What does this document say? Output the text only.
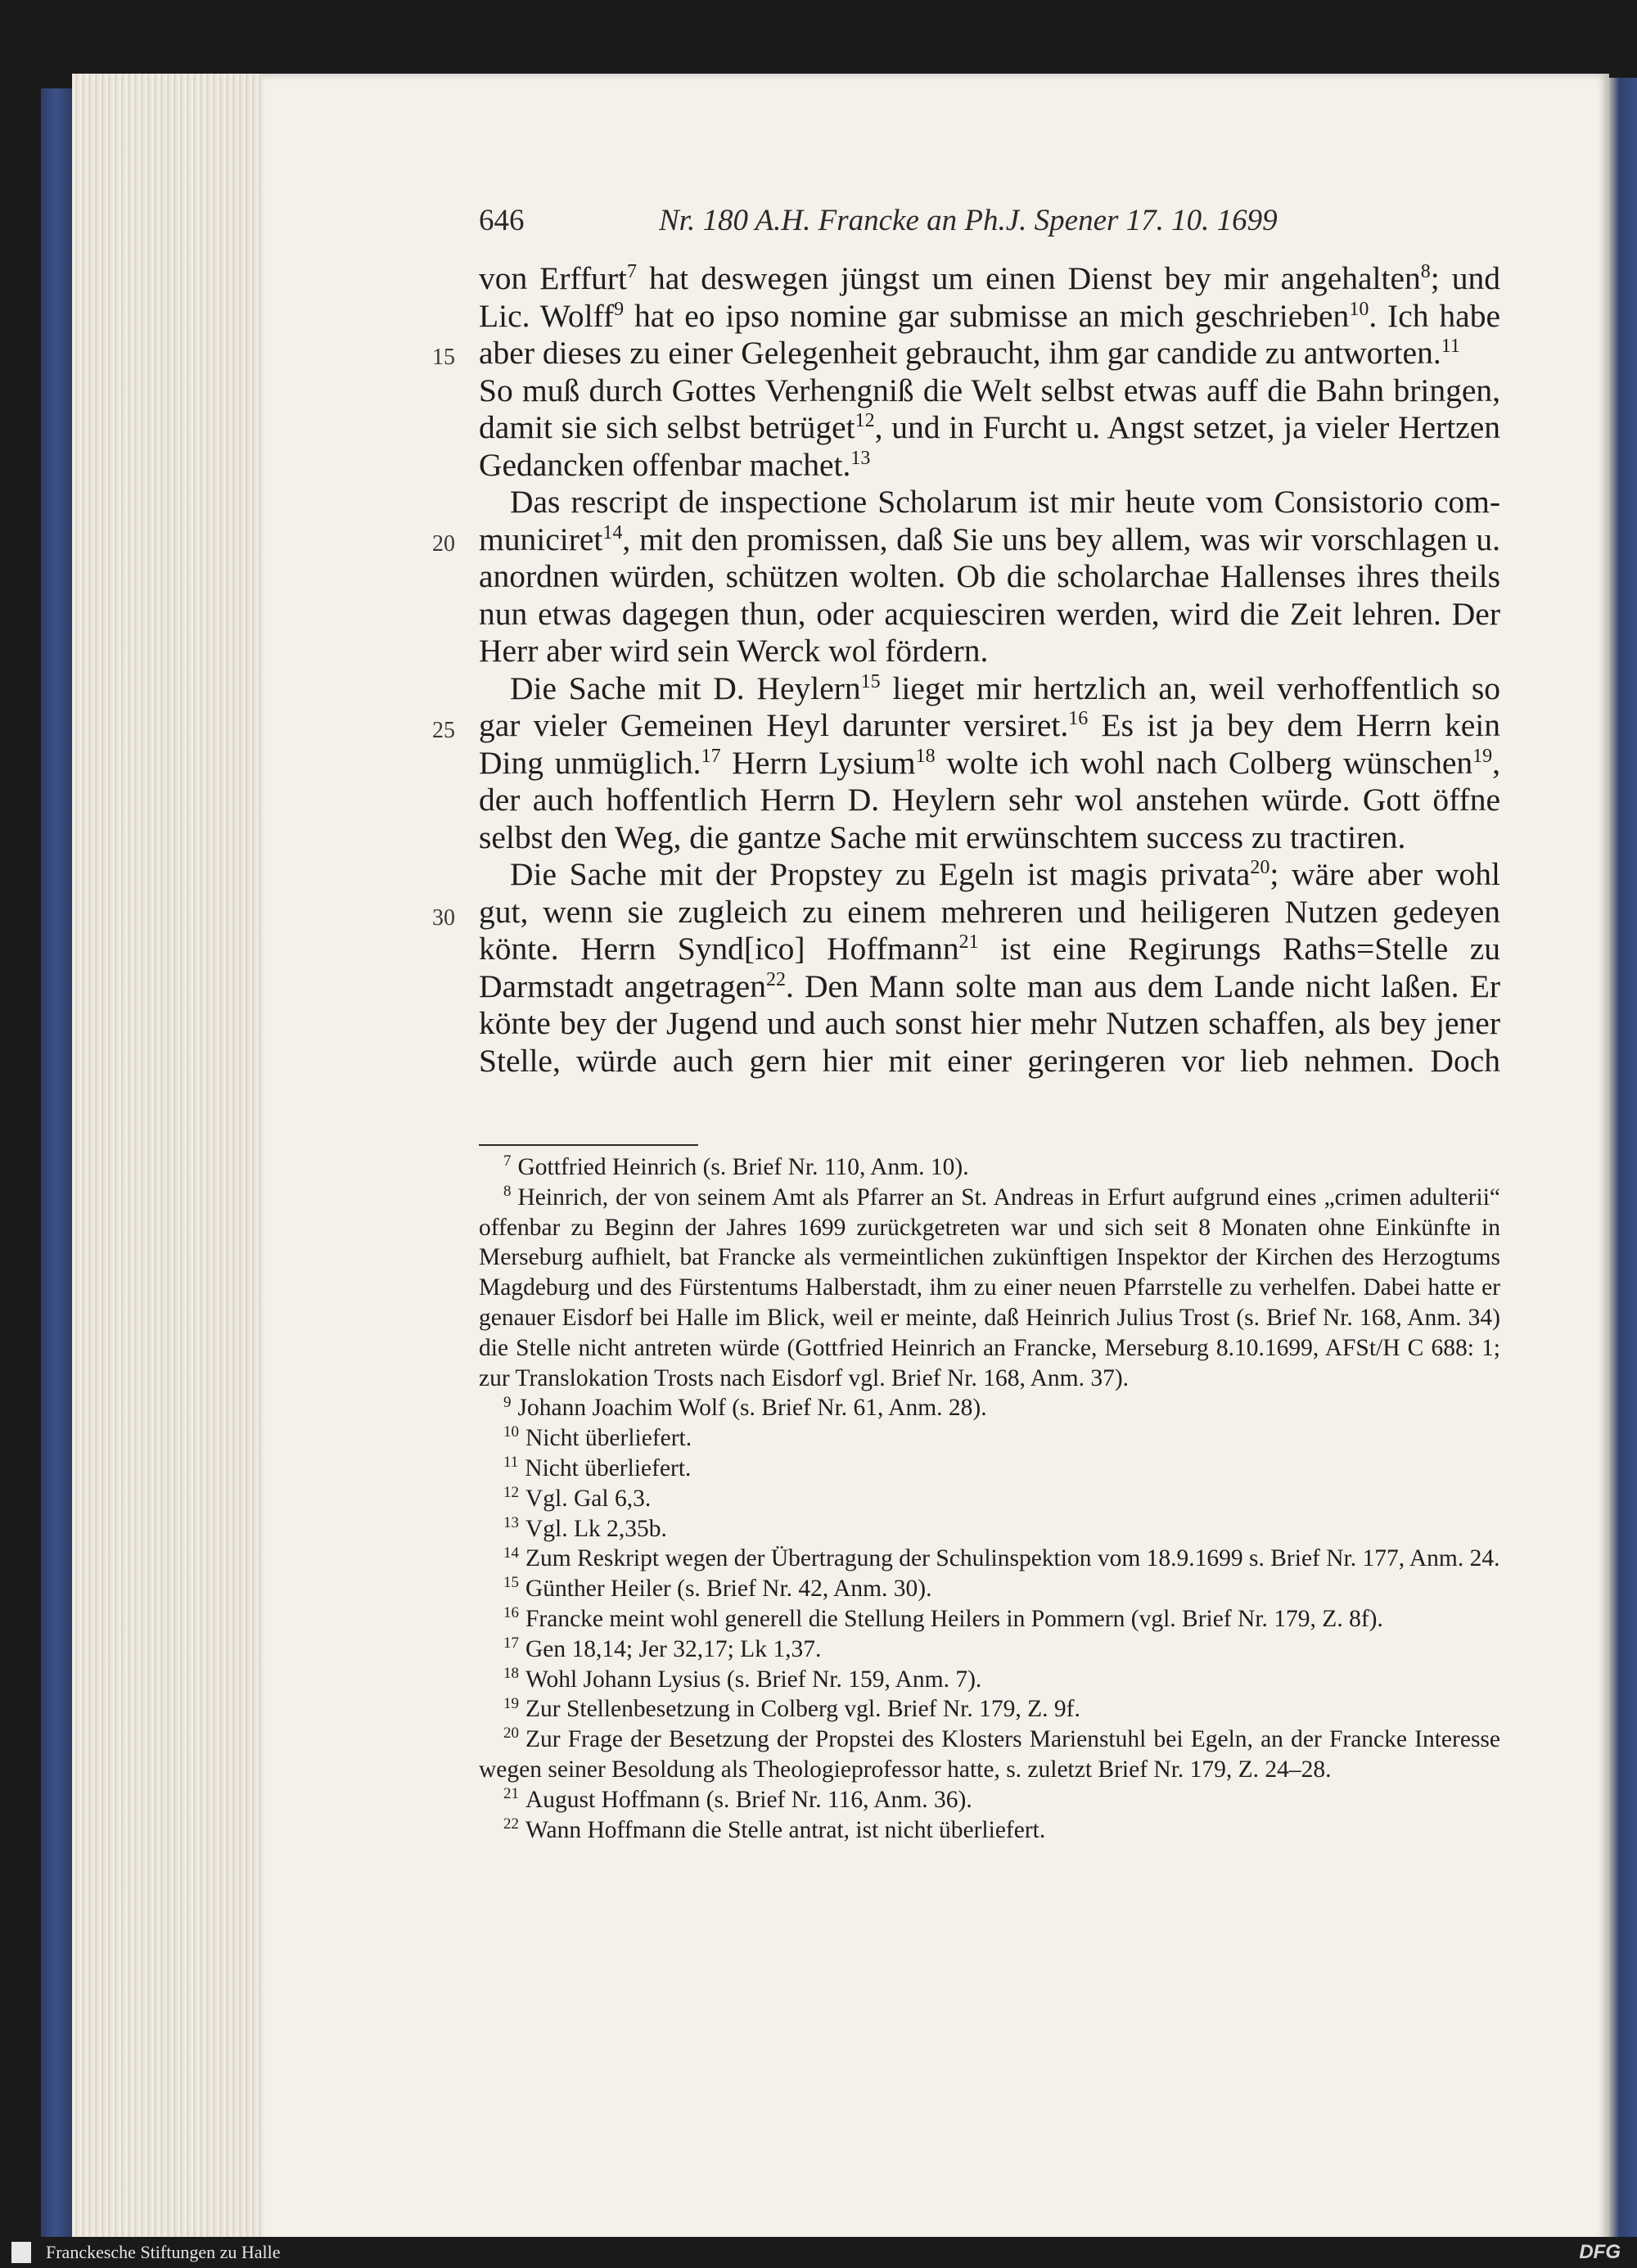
646	Nr. 180 A.H. Francke an Ph.J. Spener 17. 10. 1699
15
20
25
30
von Erffurt$^7$ hat deswegen jüngst um einen Dienst bey mir angehalten$^8$; und
Lic. Wolff$^9$ hat eo ipso nomine gar submisse an mich geschrieben$^{10}$. Ich habe
aber dieses zu einer Gelegenheit gebraucht, ihm gar candide zu antworten.$^{11}$
So muß durch Gottes Verhengniß die Welt selbst etwas auff die Bahn bringen,
damit sie sich selbst betrüget$^{12}$, und in Furcht u. Angst setzet, ja vieler Hertzen
Gedancken offenbar machet.$^{13}$
Das rescript de inspectione Scholarum ist mir heute vom Consistorio com-
municiret$^{14}$, mit den promissen, daß Sie uns bey allem, was wir vorschlagen u.
anordnen würden, schützen wolten. Ob die scholarchae Hallenses ihres theils
nun etwas dagegen thun, oder acquiesciren werden, wird die Zeit lehren. Der
Herr aber wird sein Werck wol fördern.
Die Sache mit D. Heylern$^{15}$ lieget mir hertzlich an, weil verhoffentlich so
gar vieler Gemeinen Heyl darunter versiret.$^{16}$ Es ist ja bey dem Herrn kein
Ding unmüglich.$^{17}$ Herrn Lysium$^{18}$ wolte ich wohl nach Colberg wünschen$^{19}$,
der auch hoffentlich Herrn D. Heylern sehr wol anstehen würde. Gott öffne
selbst den Weg, die gantze Sache mit erwünschtem success zu tractiren.
Die Sache mit der Propstey zu Egeln ist magis privata$^{20}$; wäre aber wohl
gut, wenn sie zugleich zu einem mehreren und heiligeren Nutzen gedeyen
könte. Herrn Synd[ico] Hoffmann$^{21}$ ist eine Regirungs Raths=Stelle zu
Darmstadt angetragen$^{22}$. Den Mann solte man aus dem Lande nicht laßen. Er
könte bey der Jugend und auch sonst hier mehr Nutzen schaffen, als bey jener
Stelle, würde auch gern hier mit einer geringeren vor lieb nehmen. Doch
$^7$ Gottfried Heinrich (s. Brief Nr. 110, Anm. 10).
$^8$ Heinrich, der von seinem Amt als Pfarrer an St. Andreas in Erfurt aufgrund eines „crimen adulterii“ offenbar zu Beginn der Jahres 1699 zurückgetreten war und sich seit 8 Monaten ohne Einkünfte in Merseburg aufhielt, bat Francke als vermeintlichen zukünftigen Inspektor der Kirchen des Herzogtums Magdeburg und des Fürstentums Halberstadt, ihm zu einer neuen Pfarrstelle zu verhelfen. Dabei hatte er genauer Eisdorf bei Halle im Blick, weil er meinte, daß Heinrich Julius Trost (s. Brief Nr. 168, Anm. 34) die Stelle nicht antreten würde (Gottfried Heinrich an Francke, Merseburg 8.10.1699, AFSt/H C 688: 1; zur Translokation Trosts nach Eisdorf vgl. Brief Nr. 168, Anm. 37).
$^9$ Johann Joachim Wolf (s. Brief Nr. 61, Anm. 28).
$^{10}$ Nicht überliefert.
$^{11}$ Nicht überliefert.
$^{12}$ Vgl. Gal 6,3.
$^{13}$ Vgl. Lk 2,35b.
$^{14}$ Zum Reskript wegen der Übertragung der Schulinspektion vom 18.9.1699 s. Brief Nr. 177, Anm. 24.
$^{15}$ Günther Heiler (s. Brief Nr. 42, Anm. 30).
$^{16}$ Francke meint wohl generell die Stellung Heilers in Pommern (vgl. Brief Nr. 179, Z. 8f).
$^{17}$ Gen 18,14; Jer 32,17; Lk 1,37.
$^{18}$ Wohl Johann Lysius (s. Brief Nr. 159, Anm. 7).
$^{19}$ Zur Stellenbesetzung in Colberg vgl. Brief Nr. 179, Z. 9f.
$^{20}$ Zur Frage der Besetzung der Propstei des Klosters Marienstuhl bei Egeln, an der Francke Interesse wegen seiner Besoldung als Theologieprofessor hatte, s. zuletzt Brief Nr. 179, Z. 24–28.
$^{21}$ August Hoffmann (s. Brief Nr. 116, Anm. 36).
$^{22}$ Wann Hoffmann die Stelle antrat, ist nicht überliefert.
Franckesche Stiftungen zu Halle	DFG
